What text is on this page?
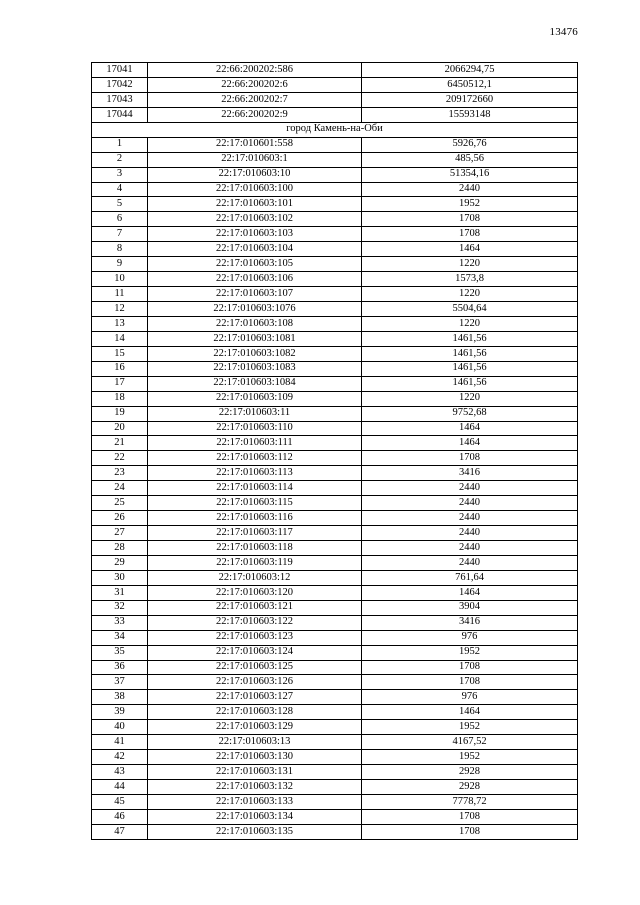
13476
17041	22:66:200202:586	2066294,75
17042	22:66:200202:6	6450512,1
17043	22:66:200202:7	209172660
17044	22:66:200202:9	15593148
город Камень-на-Оби		
1	22:17:010601:558	5926,76
2	22:17:010603:1	485,56
3	22:17:010603:10	51354,16
4	22:17:010603:100	2440
5	22:17:010603:101	1952
6	22:17:010603:102	1708
7	22:17:010603:103	1708
8	22:17:010603:104	1464
9	22:17:010603:105	1220
10	22:17:010603:106	1573,8
11	22:17:010603:107	1220
12	22:17:010603:1076	5504,64
13	22:17:010603:108	1220
14	22:17:010603:1081	1461,56
15	22:17:010603:1082	1461,56
16	22:17:010603:1083	1461,56
17	22:17:010603:1084	1461,56
18	22:17:010603:109	1220
19	22:17:010603:11	9752,68
20	22:17:010603:110	1464
21	22:17:010603:111	1464
22	22:17:010603:112	1708
23	22:17:010603:113	3416
24	22:17:010603:114	2440
25	22:17:010603:115	2440
26	22:17:010603:116	2440
27	22:17:010603:117	2440
28	22:17:010603:118	2440
29	22:17:010603:119	2440
30	22:17:010603:12	761,64
31	22:17:010603:120	1464
32	22:17:010603:121	3904
33	22:17:010603:122	3416
34	22:17:010603:123	976
35	22:17:010603:124	1952
36	22:17:010603:125	1708
37	22:17:010603:126	1708
38	22:17:010603:127	976
39	22:17:010603:128	1464
40	22:17:010603:129	1952
41	22:17:010603:13	4167,52
42	22:17:010603:130	1952
43	22:17:010603:131	2928
44	22:17:010603:132	2928
45	22:17:010603:133	7778,72
46	22:17:010603:134	1708
47	22:17:010603:135	1708
